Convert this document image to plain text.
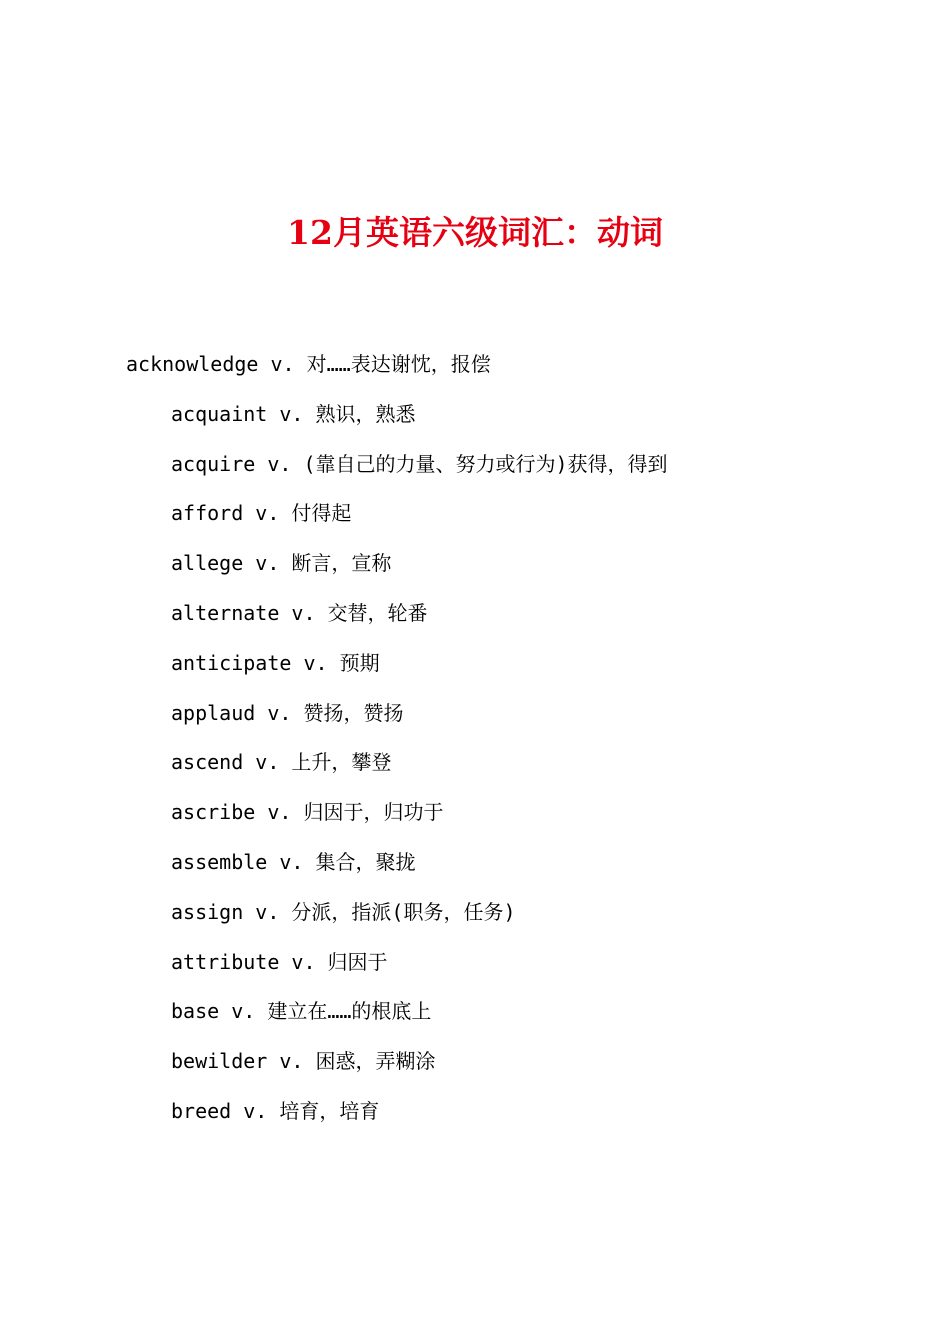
12月英语六级词汇：动词
acknowledge v. 对……表达谢忱，报偿
acquaint v. 熟识，熟悉
acquire v. (靠自己的力量、努力或行为)获得，得到
afford v. 付得起
allege v. 断言，宣称
alternate v. 交替，轮番
anticipate v. 预期
applaud v. 赞扬，赞扬
ascend v. 上升，攀登
ascribe v. 归因于，归功于
assemble v. 集合，聚拢
assign v. 分派，指派(职务，任务)
attribute v. 归因于
base v. 建立在……的根底上
bewilder v. 困惑，弄糊涂
breed v. 培育，培育
